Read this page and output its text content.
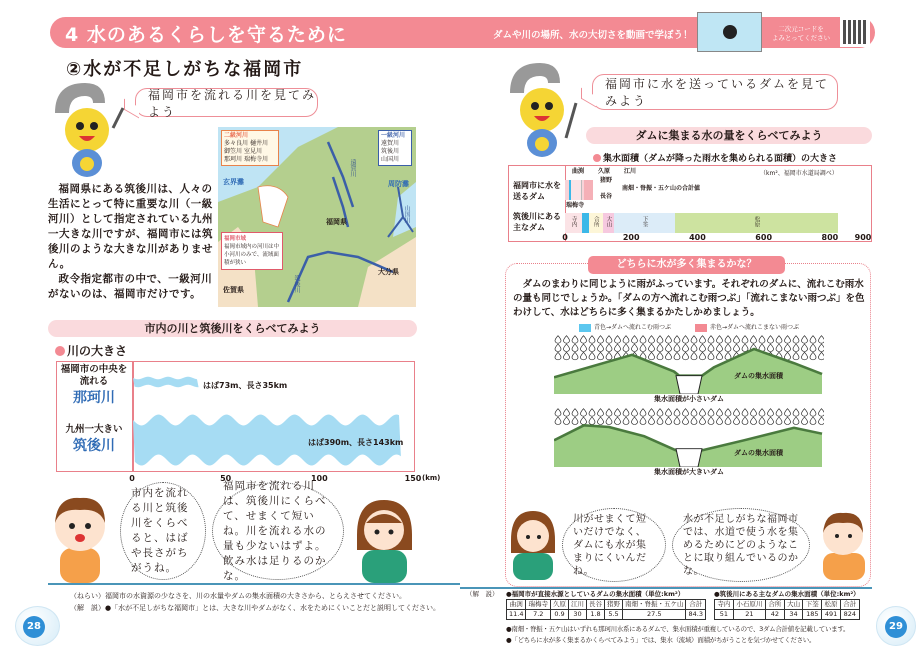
4 水のあるくらしを守るために	ダムや川の場所、水の大切さを動画で学ぼう！
二次元コードを
よみとってください
②水が不足しがちな福岡市
福岡市を流れる川を見てみよう

福岡県にある筑後川は、人々の生活にとって特に重要な川（一級河川）として指定されている九州一大きな川ですが、福岡市には筑後川のような大きな川がありません。

政令指定都市の中で、一級河川がないのは、福岡市だけです。

二級河川
多々良川 樋井川
御笠川 室見川
那珂川 瑞梅寺川
一級河川
遠賀川
筑後川
山国川
玄界灘	周防灘
福岡県
大分県
佐賀県
遠賀川
山国川
筑後川
福岡市域
福岡市域内の河川は中小河川のみで、流域面積が狭い
市内の川と筑後川をくらべてみよう
川の大きさ
福岡市の中央を流れる
那珂川
九州一大きい
筑後川
はば73m、長さ35km
はば390m、長さ143km
0	50	100	150 (km)
市内を流れる川と筑後川をくらべると、はばや長さがちがうね。
福岡市を流れる川は、筑後川にくらべて、せまくて短いね。川を流れる水の量も少ないはずよ。飲み水は足りるのかな。
（ねらい）福岡市の水資源の少なさを、川の水量やダムの集水面積の大きさから、とらえさせてください。
（解　説）●「水が不足しがちな福岡市」とは、大きな川やダムがなく、水をためにくいことだと説明してください。
28
福岡市に水を送っているダムを見てみよう
ダムに集まる水の量をくらべてみよう
集水面積（ダムが降った雨水を集められる面積）の大きさ
（km²、福岡市水道局調べ）
福岡市に水を送るダム
筑後川にある主なダム
寺内	合所 大山	下筌	松原
曲渕
瑞梅寺
久原 江川
長谷
猪野
南畑・脊振・五ケ山の合計値
0	200	400	600	800 900
どちらに水が多く集まるかな？

ダムのまわりに同じように雨がふっています。それぞれのダムに、流れこむ雨水の量も同じでしょうか。「ダムの方へ流れこむ雨つぶ」「流れこまない雨つぶ」を色わけして、水はどちらに多く集まるかたしかめましょう。

青色→ダムへ流れこむ雨つぶ	赤色→ダムへ流れこまない雨つぶ
ダムの集水面積
集水面積が小さいダム
ダムの集水面積
集水面積が大きいダム
川がせまくて短いだけでなく、ダムにも水が集まりにくいんだね。
水が不足しがちな福岡市では、水道で使う水を集めるためにどのようなことに取り組んでいるのかな。
（解　説） ●福岡市が直接水源としているダムの集水面積（単位:km²）
曲渕	瑞梅寺	久原	江川	長谷	猪野	南畑・脊振・五ケ山	合計
11.4	7.2	0.9	30	1.8	5.5	27.5	84.3
●筑後川にある主なダムの集水面積（単位:km²）
寺内	小石原川	合所	大山	下筌	松原	合計
51	21	42	34	185	491	824
●南畑・脊振・五ケ山はいずれも那珂川水系にあるダムで、集水面積が重複しているので、3ダム合計値を記載しています。
●「どちらに水が多く集まるかくらべてみよう」では、集水（流域）面積がちがうことを気づかせてください。
29
